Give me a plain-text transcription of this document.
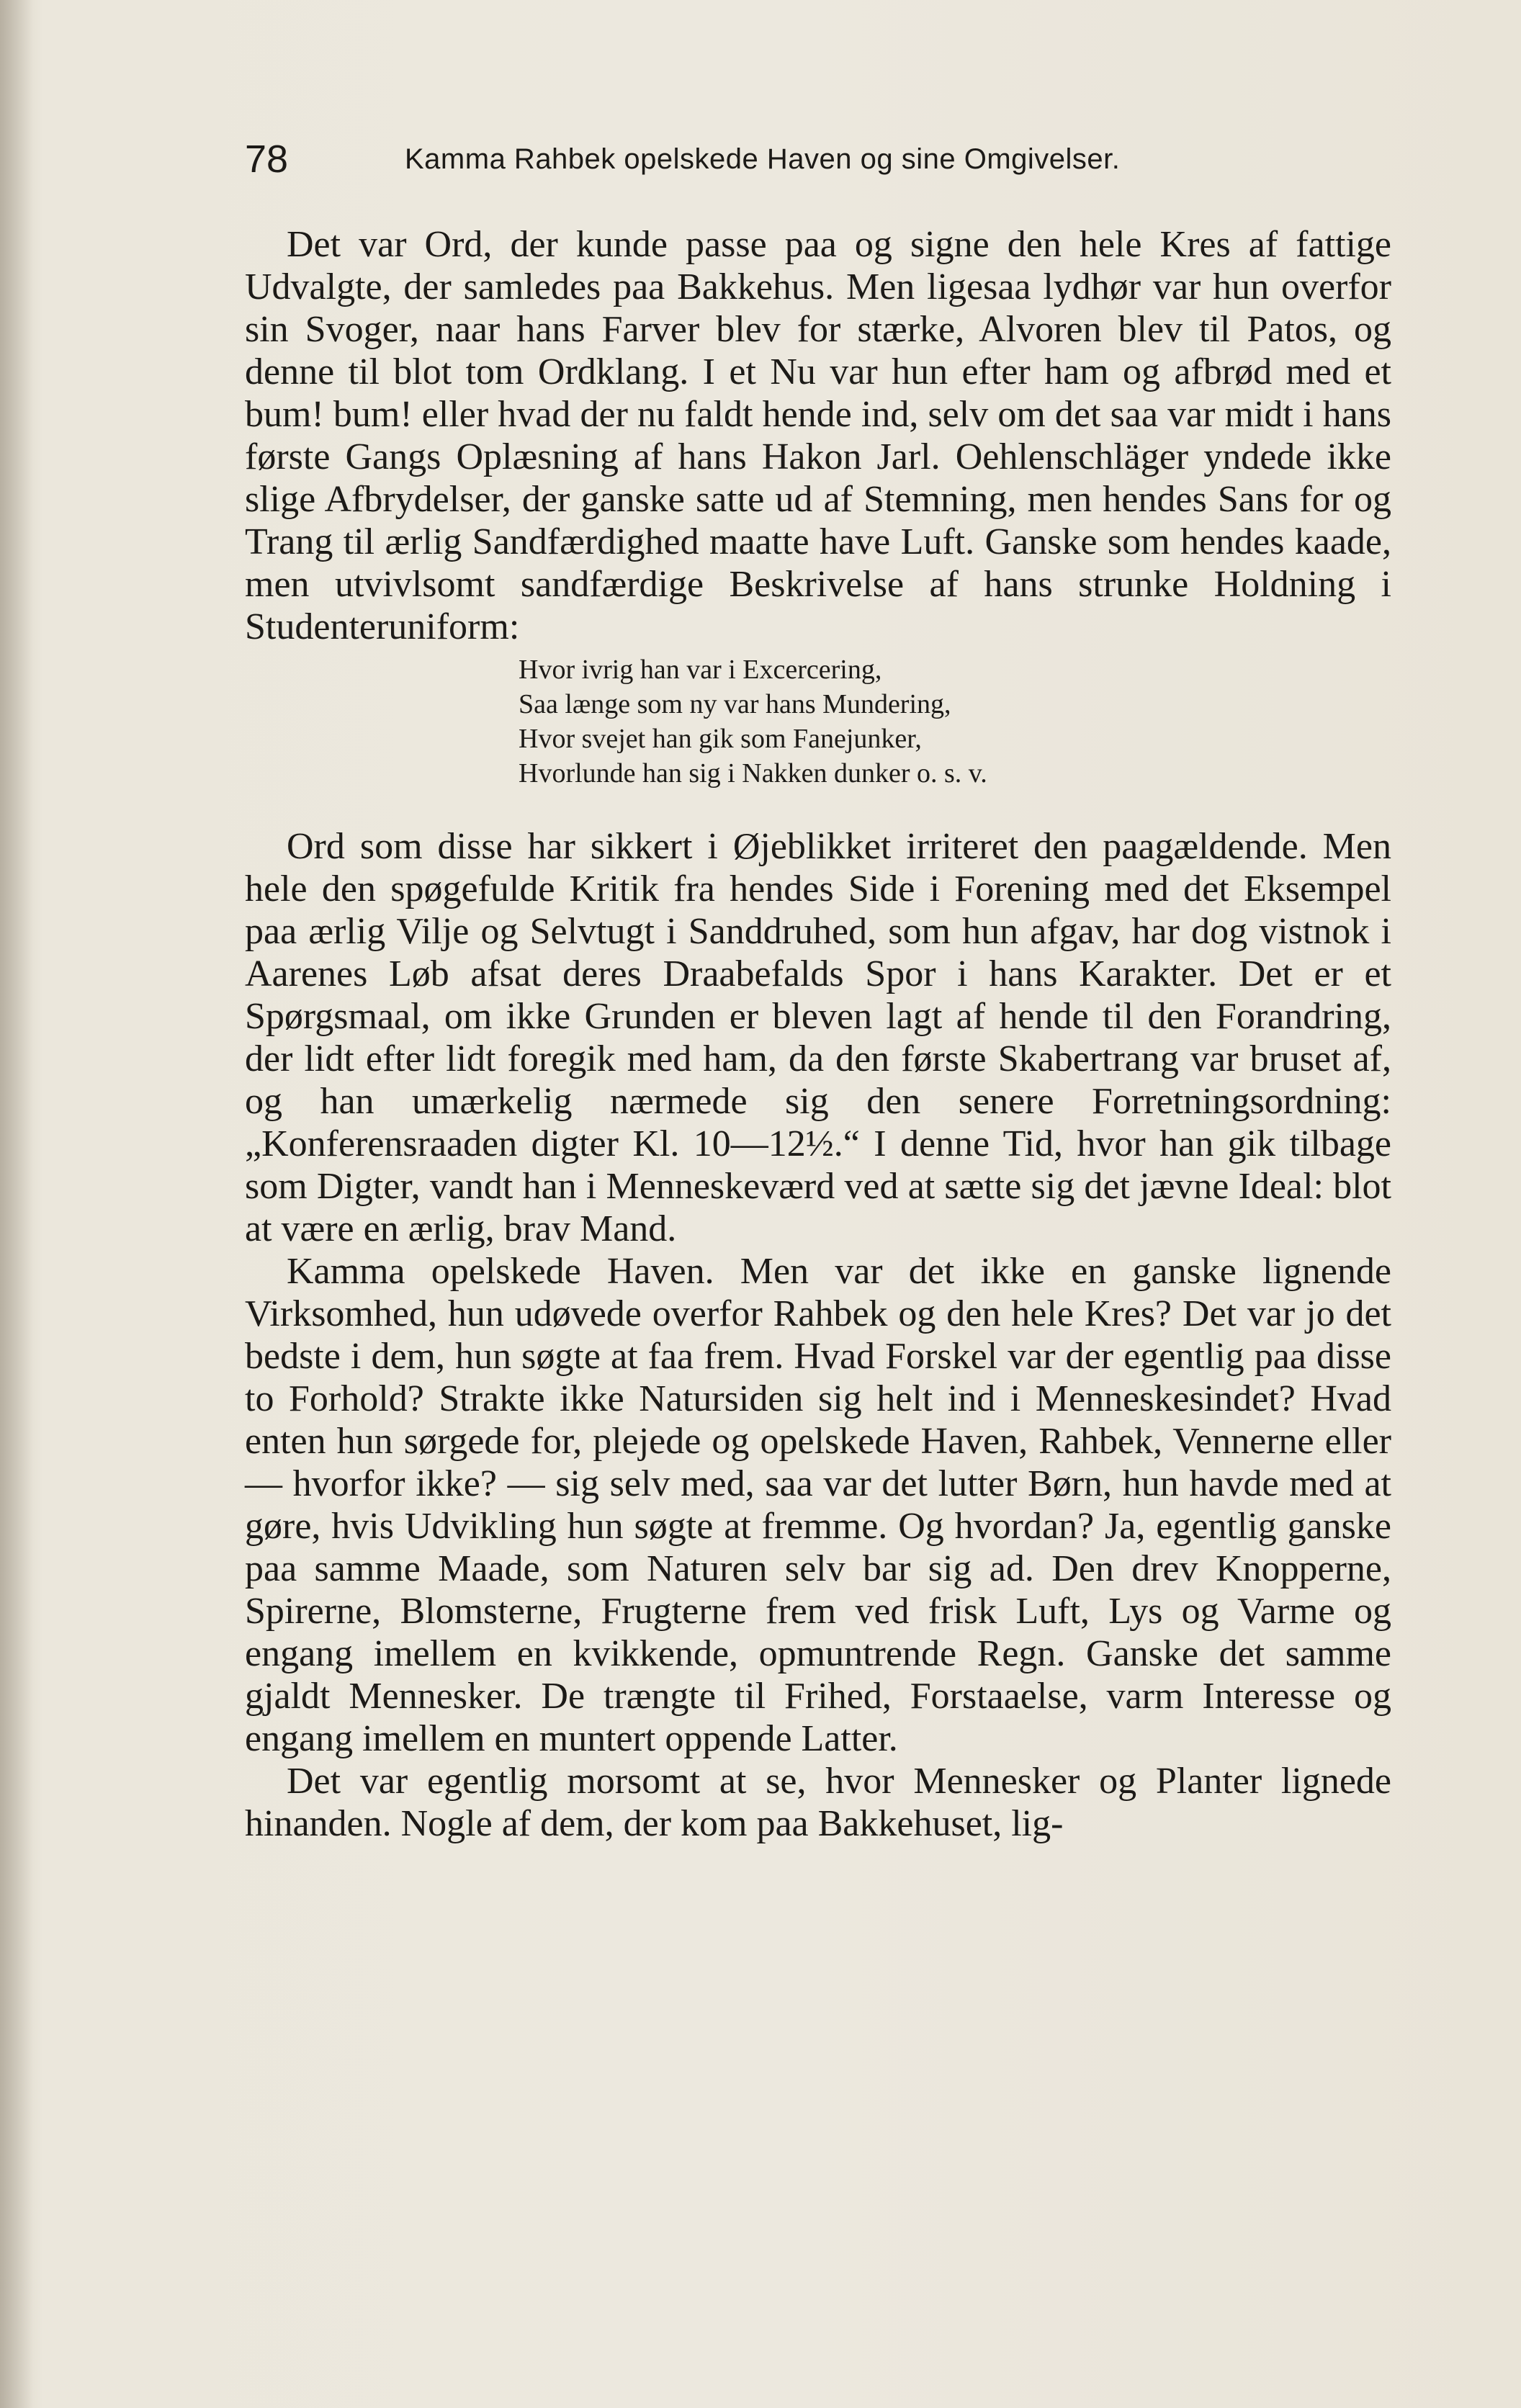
78	Kamma Rahbek opelskede Haven og sine Omgivelser.

Det var Ord, der kunde passe paa og signe den hele Kres af fattige Udvalgte, der samledes paa Bakkehus. Men ligesaa lydhør var hun overfor sin Svoger, naar hans Farver blev for stærke, Alvoren blev til Patos, og denne til blot tom Ordklang. I et Nu var hun efter ham og afbrød med et bum! bum! eller hvad der nu faldt hende ind, selv om det saa var midt i hans første Gangs Oplæsning af hans Hakon Jarl. Oehlenschläger yndede ikke slige Afbrydelser, der ganske satte ud af Stemning, men hendes Sans for og Trang til ærlig Sandfærdighed maatte have Luft. Ganske som hendes kaade, men utvivlsomt sandfærdige Beskrivelse af hans strunke Holdning i Studenteruniform:

Hvor ivrig han var i Excercering,
Saa længe som ny var hans Mundering,
Hvor svejet han gik som Fanejunker,
Hvorlunde han sig i Nakken dunker o. s. v.

Ord som disse har sikkert i Øjeblikket irriteret den paagældende. Men hele den spøgefulde Kritik fra hendes Side i Forening med det Eksempel paa ærlig Vilje og Selvtugt i Sanddruhed, som hun afgav, har dog vistnok i Aarenes Løb afsat deres Draabefalds Spor i hans Karakter. Det er et Spørgsmaal, om ikke Grunden er bleven lagt af hende til den Forandring, der lidt efter lidt foregik med ham, da den første Skabertrang var bruset af, og han umærkelig nærmede sig den senere Forretningsordning: „Konferensraaden digter Kl. 10—12½.“ I denne Tid, hvor han gik tilbage som Digter, vandt han i Menneskeværd ved at sætte sig det jævne Ideal: blot at være en ærlig, brav Mand.

Kamma opelskede Haven. Men var det ikke en ganske lignende Virksomhed, hun udøvede overfor Rahbek og den hele Kres? Det var jo det bedste i dem, hun søgte at faa frem. Hvad Forskel var der egentlig paa disse to Forhold? Strakte ikke Natursiden sig helt ind i Menneskesindet? Hvad enten hun sørgede for, plejede og opelskede Haven, Rahbek, Vennerne eller — hvorfor ikke? — sig selv med, saa var det lutter Børn, hun havde med at gøre, hvis Udvikling hun søgte at fremme. Og hvordan? Ja, egentlig ganske paa samme Maade, som Naturen selv bar sig ad. Den drev Knopperne, Spirerne, Blomsterne, Frugterne frem ved frisk Luft, Lys og Varme og engang imellem en kvikkende, opmuntrende Regn. Ganske det samme gjaldt Mennesker. De trængte til Frihed, Forstaaelse, varm Interesse og engang imellem en muntert oppende Latter.

Det var egentlig morsomt at se, hvor Mennesker og Planter lignede hinanden. Nogle af dem, der kom paa Bakkehuset, lig-
